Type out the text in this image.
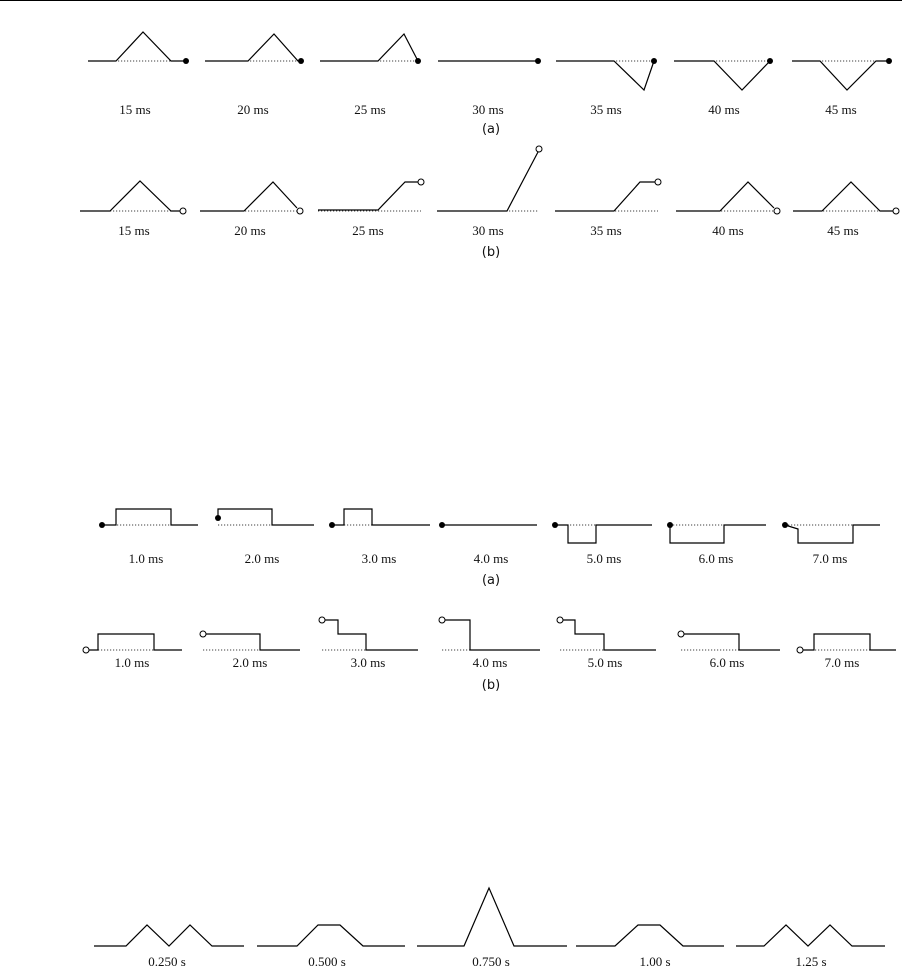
15 ms	20 ms	25 ms	30 ms	35 ms	40 ms	45 ms
(a)
15 ms	20 ms	25 ms	30 ms	35 ms	40 ms	45 ms
(b)
1.0 ms	2.0 ms	3.0 ms	4.0 ms	5.0 ms	6.0 ms	7.0 ms
(a)
1.0 ms	2.0 ms	3.0 ms	4.0 ms	5.0 ms	6.0 ms	7.0 ms
(b)
0.250 s	0.500 s	0.750 s	1.00 s	1.25 s
